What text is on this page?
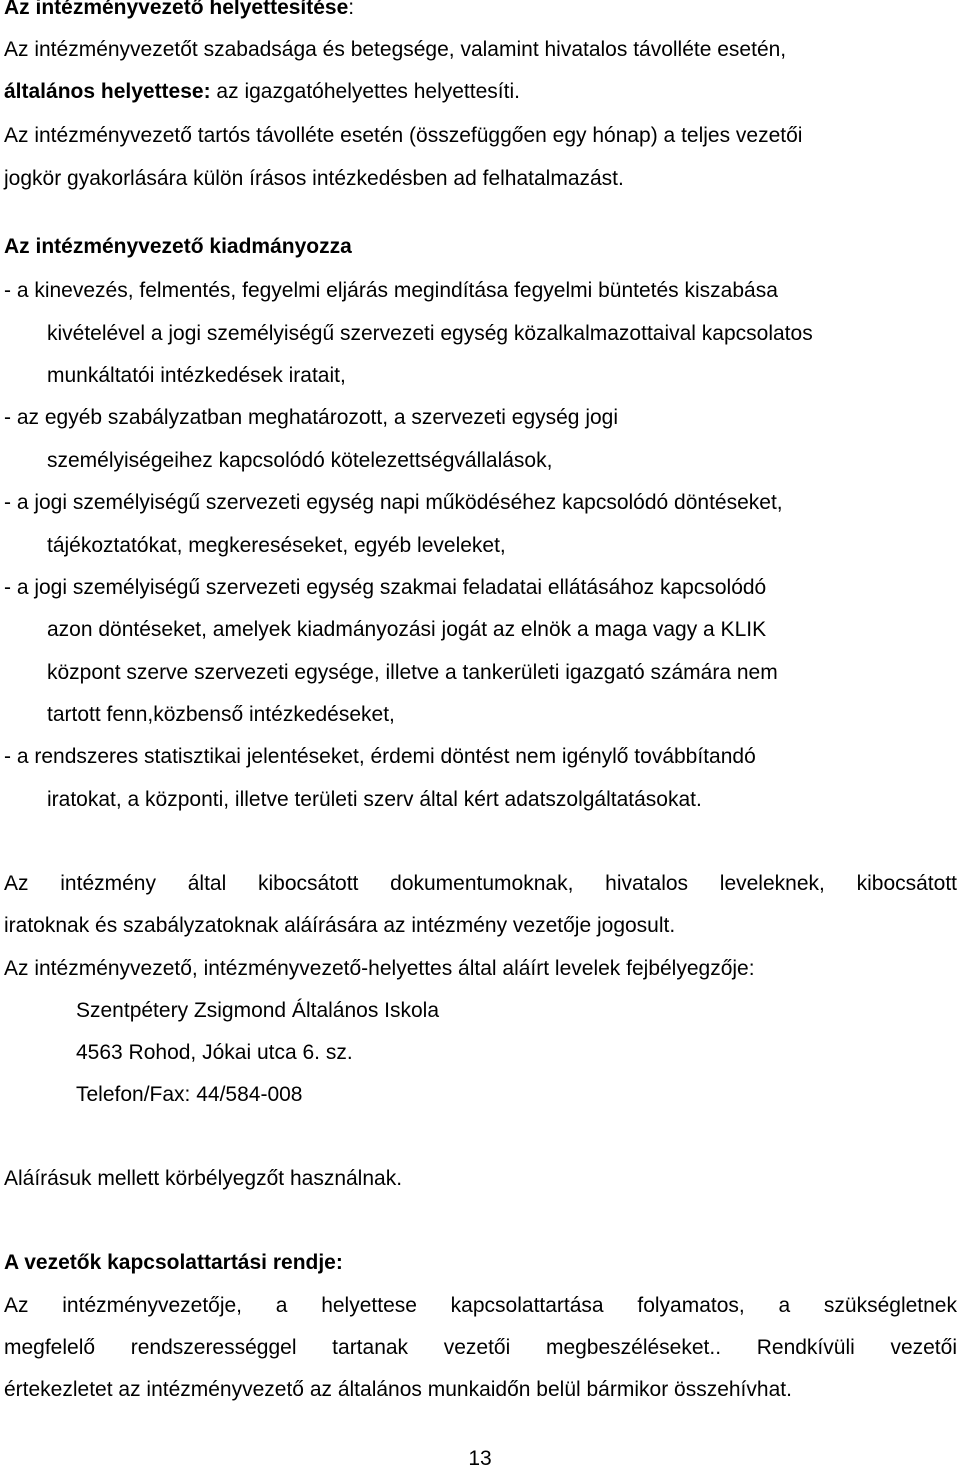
Az intézményvezető helyettesítése:
Az intézményvezetőt szabadsága és betegsége, valamint hivatalos távolléte esetén,
általános helyettese: az igazgatóhelyettes helyettesíti.
Az intézményvezető tartós távolléte esetén (összefüggően egy hónap) a teljes vezetői
jogkör gyakorlására külön írásos intézkedésben ad felhatalmazást.
Az intézményvezető kiadmányozza
- a kinevezés, felmentés, fegyelmi eljárás megindítása fegyelmi büntetés kiszabása
kivételével a jogi személyiségű szervezeti egység közalkalmazottaival kapcsolatos
munkáltatói intézkedések iratait,
- az egyéb szabályzatban meghatározott, a szervezeti egység jogi
személyiségeihez kapcsolódó kötelezettségvállalások,
- a jogi személyiségű szervezeti egység napi működéséhez kapcsolódó döntéseket,
tájékoztatókat, megkereséseket, egyéb leveleket,
- a jogi személyiségű szervezeti egység szakmai feladatai ellátásához kapcsolódó
azon döntéseket, amelyek kiadmányozási jogát az elnök a maga vagy a KLIK
központ szerve szervezeti egysége, illetve a tankerületi igazgató számára nem
tartott fenn,közbenső intézkedéseket,
- a rendszeres statisztikai jelentéseket, érdemi döntést nem igénylő továbbítandó
iratokat, a központi, illetve területi szerv által kért adatszolgáltatásokat.
Az intézmény által kibocsátott dokumentumoknak, hivatalos leveleknek, kibocsátott
iratoknak és szabályzatoknak aláírására az intézmény vezetője jogosult.
Az intézményvezető, intézményvezető-helyettes által aláírt levelek fejbélyegzője:
Szentpétery Zsigmond Általános Iskola
4563 Rohod, Jókai utca 6. sz.
Telefon/Fax: 44/584-008
Aláírásuk mellett körbélyegzőt használnak.
A vezetők kapcsolattartási rendje:
Az intézményvezetője, a helyettese kapcsolattartása folyamatos, a szükségletnek
megfelelő rendszerességgel tartanak vezetői megbeszéléseket.. Rendkívüli vezetői
értekezletet az intézményvezető az általános munkaidőn belül bármikor összehívhat.
13
